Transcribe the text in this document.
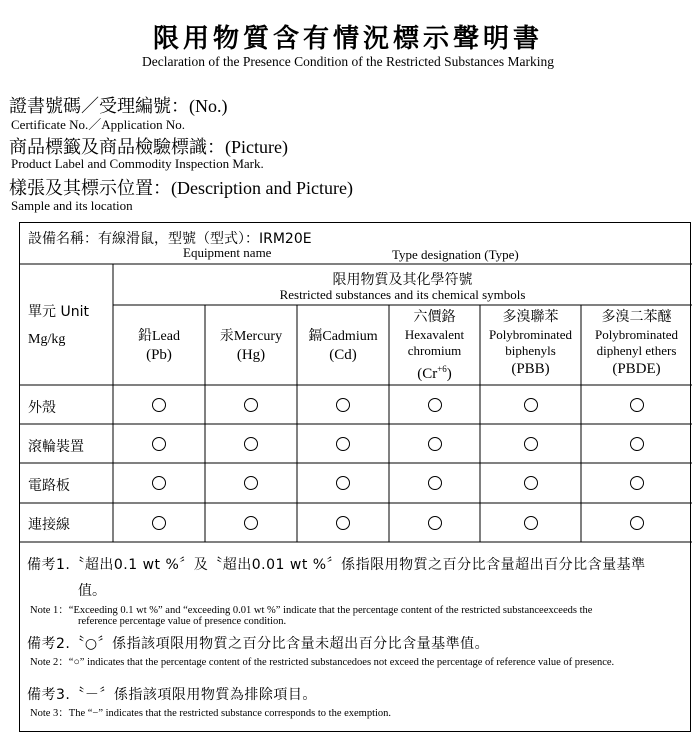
限用物質含有情況標示聲明書
Declaration of the Presence Condition of the Restricted Substances Marking
證書號碼／受理編號：(No.)
Certificate No.／Application No.
商品標籤及商品檢驗標識：(Picture)
Product Label and Commodity Inspection Mark.
樣張及其標示位置：(Description and Picture)
Sample and its location
設備名稱：有線滑鼠，型號（型式）：IRM20E
Equipment name	Type designation (Type)
單元 Unit
Mg/kg
限用物質及其化學符號
Restricted substances and its chemical symbols
鉛Lead
(Pb)
汞Mercury
(Hg)
鎘Cadmium
(Cd)
六價鉻
Hexavalent chromium
$(Cr^{+6})$
多溴聯苯
Polybrominated biphenyls
(PBB)
多溴二苯醚
Polybrominated diphenyl ethers
(PBDE)
外殼
滾輪裝置
電路板
連接線
備考1.〝超出0.1 wt %〞及〝超出0.01 wt %〞係指限用物質之百分比含量超出百分比含量基準
值。
Note 1：“Exceeding 0.1 wt %” and “exceeding 0.01 wt %” indicate that the percentage content of the restricted substanceexceeds the
reference percentage value of presence condition.
備考2.〝○〞係指該項限用物質之百分比含量未超出百分比含量基準值。
Note 2：“○” indicates that the percentage content of the restricted substancedoes not exceed the percentage of reference value of presence.
備考3.〝－〞係指該項限用物質為排除項目。
Note 3：The “−” indicates that the restricted substance corresponds to the exemption.
